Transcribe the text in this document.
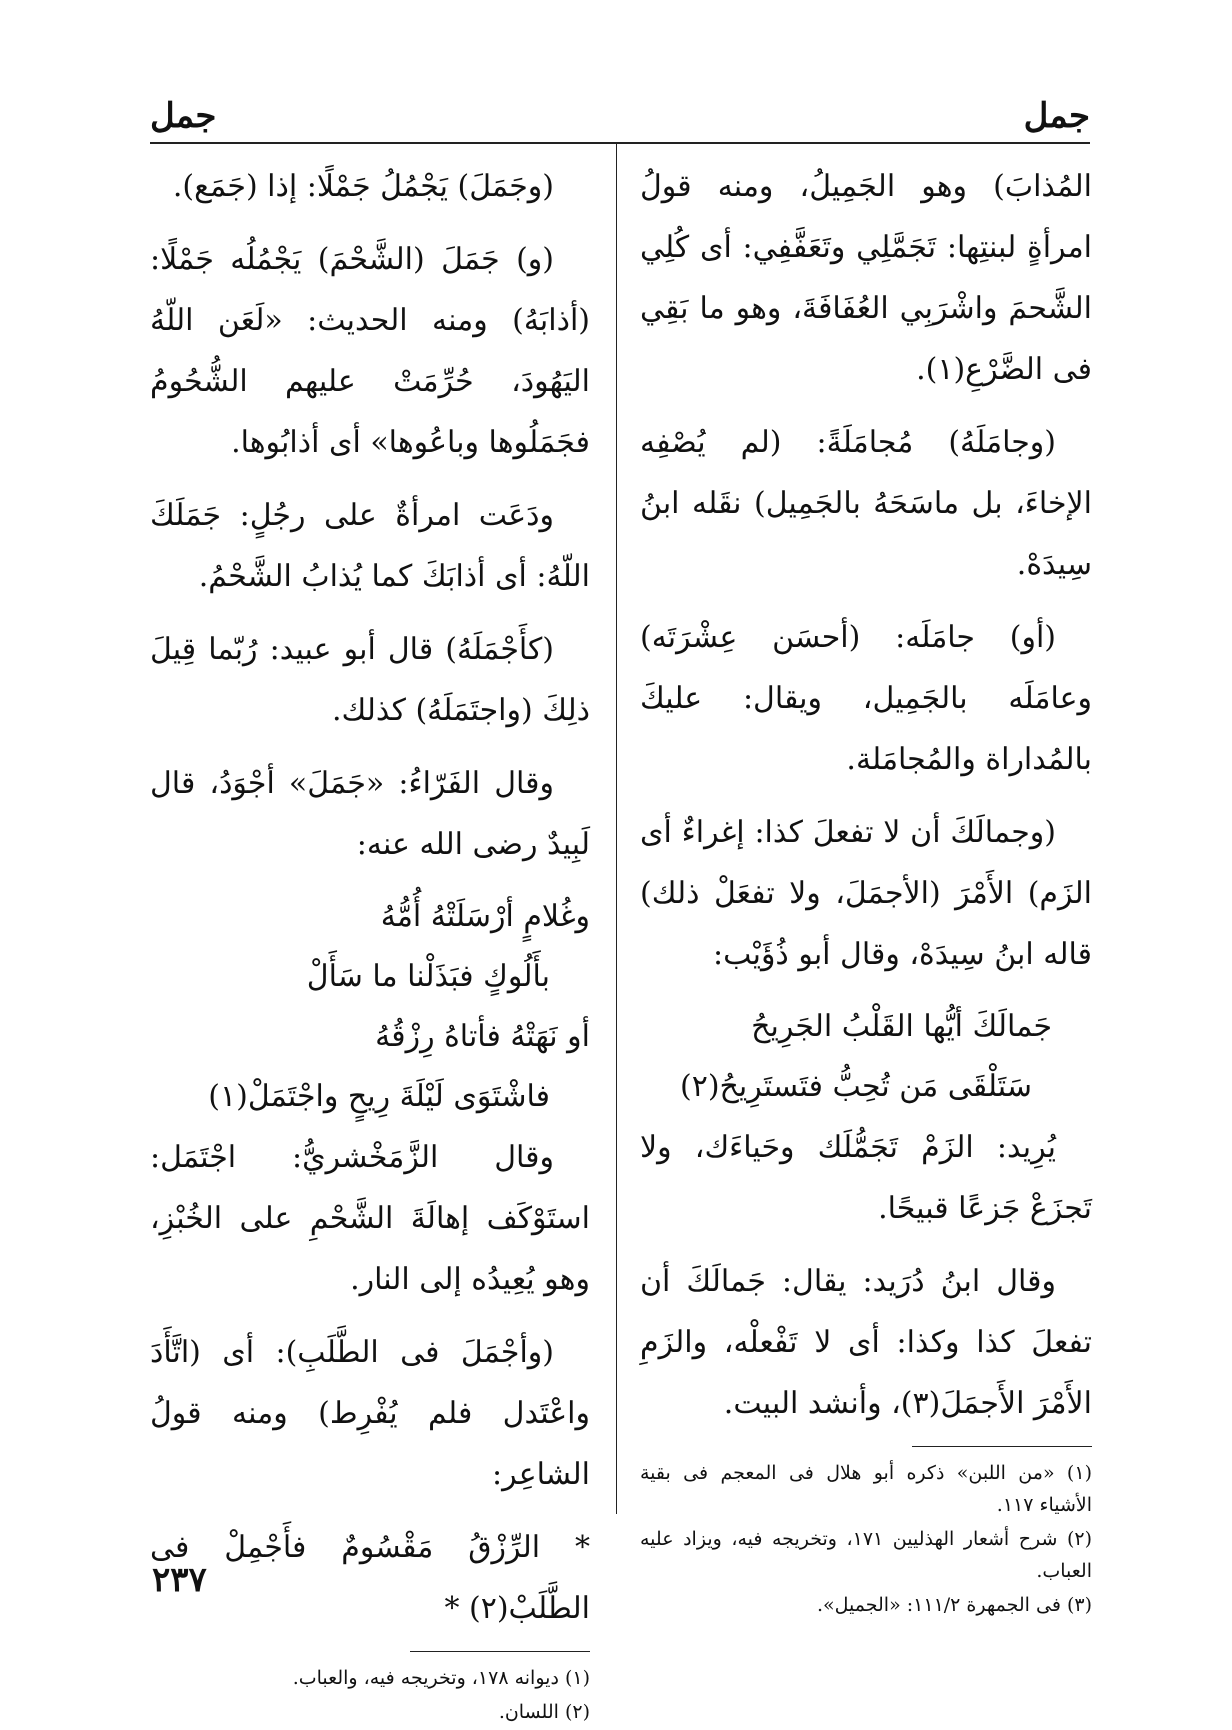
جمل
جمل

المُذابَ) وهو الجَمِيلُ، ومنه قولُ امرأةٍ لبنتِها: تَجَمَّلِي وتَعَفَّفِي: أى كُلِي الشَّحمَ واشْرَبِي العُفَافَةَ، وهو ما بَقِي فى الضَّرْعِ(١).

(وجامَلَهُ) مُجامَلَةً: (لم يُصْفِه الإخاءَ، بل ماسَحَهُ بالجَمِيل) نقَله ابنُ سِيدَهْ.

(أو) جامَلَه: (أحسَن عِشْرَتَه) وعامَلَه بالجَمِيل، ويقال: عليكَ بالمُداراة والمُجامَلة.

(وجمالَكَ أن لا تفعلَ كذا: إغراءٌ أى الزَم) الأَمْرَ (الأجمَلَ، ولا تفعَلْ ذلك) قاله ابنُ سِيدَهْ، وقال أبو ذُؤَيْب:

جَمالَكَ أيُّها القَلْبُ الجَرِيحُ
سَتَلْقَى مَن تُحِبُّ فتَستَرِيحُ(٢)

يُرِيد: الزَمْ تَجَمُّلَك وحَياءَك، ولا تَجزَعْ جَزعًا قبيحًا.

وقال ابنُ دُرَيد: يقال: جَمالَكَ أن تفعلَ كذا وكذا: أى لا تَفْعلْه، والزَمِ الأَمْرَ الأَجمَلَ(٣)، وأنشد البيت.

(١) «من اللبن» ذكره أبو هلال فى المعجم فى بقية الأشياء ١١٧.

(٢) شرح أشعار الهذليين ١٧١، وتخريجه فيه، ويزاد عليه العباب.

(٣) فى الجمهرة ١١١/٢: «الجميل».

(وجَمَلَ) يَجْمُلُ جَمْلًا: إذا (جَمَع).

(و) جَمَلَ (الشَّحْمَ) يَجْمُلُه جَمْلًا: (أذابَهُ) ومنه الحديث: «لَعَن اللّهُ اليَهُودَ، حُرِّمَتْ عليهم الشُّحُومُ فجَمَلُوها وباعُوها» أى أذابُوها.

ودَعَت امرأةٌ على رجُلٍ: جَمَلَكَ اللّهُ: أى أذابَكَ كما يُذابُ الشَّحْمُ.

(كأَجْمَلَهُ) قال أبو عبيد: رُبّما قِيلَ ذلِكَ (واجتَمَلَهُ) كذلك.

وقال الفَرّاءُ: «جَمَلَ» أجْوَدُ، قال لَبِيدٌ رضى الله عنه:

وغُلامٍ أرْسَلَتْهُ أُمُّهُ
بأَلُوكٍ فبَذَلْنا ما سَأَلْ
أو نَهَتْهُ فأتاهُ رِزْقُهُ
فاشْتَوَى لَيْلَةَ رِيحٍ واجْتَمَلْ(١)

وقال الزَّمَخْشريُّ: اجْتَمَل: استَوْكَف إهالَةَ الشَّحْمِ على الخُبْزِ، وهو يُعِيدُه إلى النار.

(وأجْمَلَ فى الطَّلَبِ): أى (اتَّأَدَ واعْتَدل فلم يُفْرِط) ومنه قولُ الشاعِر:

* الرِّزْقُ مَقْسُومٌ فأَجْمِلْ فى الطَّلَبْ(٢) *

(١) ديوانه ١٧٨، وتخريجه فيه، والعباب.

(٢) اللسان.

٢٣٧
